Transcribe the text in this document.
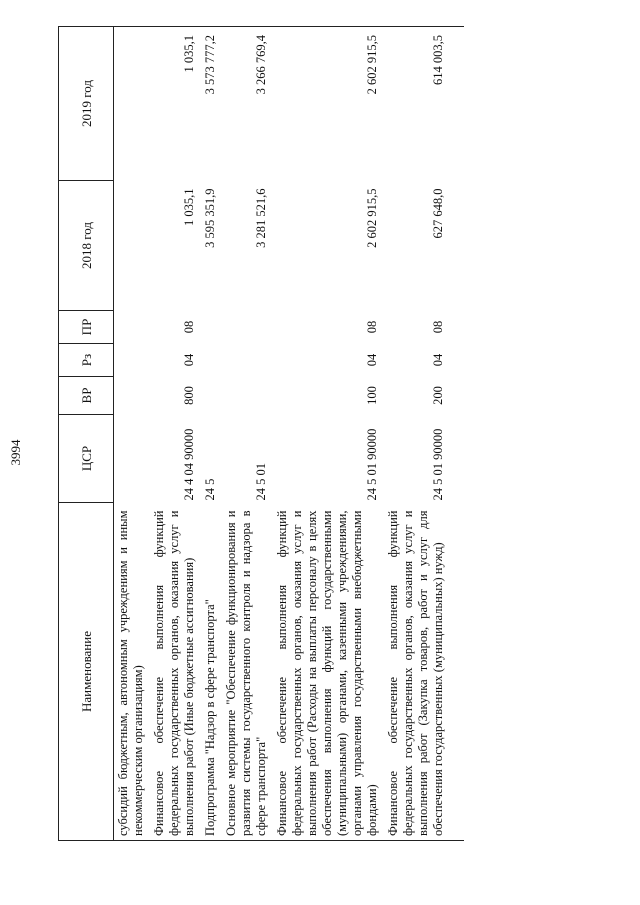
3994
Наименование	ЦСР	ВР	Рз	ПР	2018 год	2019 год
субсидий бюджетным, автономным учреждениям и иным некоммерческим организациям)						
Финансовое обеспечение выполнения функций федеральных государственных органов, оказания услуг и выполнения работ (Иные бюджетные ассигнования)	24 4 04 90000	800	04	08	1 035,1	1 035,1
Подпрограмма "Надзор в сфере транспорта"	24 5				3 595 351,9	3 573 777,2
Основное мероприятие "Обеспечение функционирования и развития системы государственного контроля и надзора в сфере транспорта"	24 5 01				3 281 521,6	3 266 769,4
Финансовое обеспечение выполнения функций федеральных государственных органов, оказания услуг и выполнения работ (Расходы на выплаты персоналу в целях обеспечения выполнения функций государственными (муниципальными) органами, казенными учреждениями, органами управления государственными внебюджетными фондами)	24 5 01 90000	100	04	08	2 602 915,5	2 602 915,5
Финансовое обеспечение выполнения функций федеральных государственных органов, оказания услуг и выполнения работ (Закупка товаров, работ и услуг для обеспечения государственных (муниципальных) нужд)	24 5 01 90000	200	04	08	627 648,0	614 003,5
